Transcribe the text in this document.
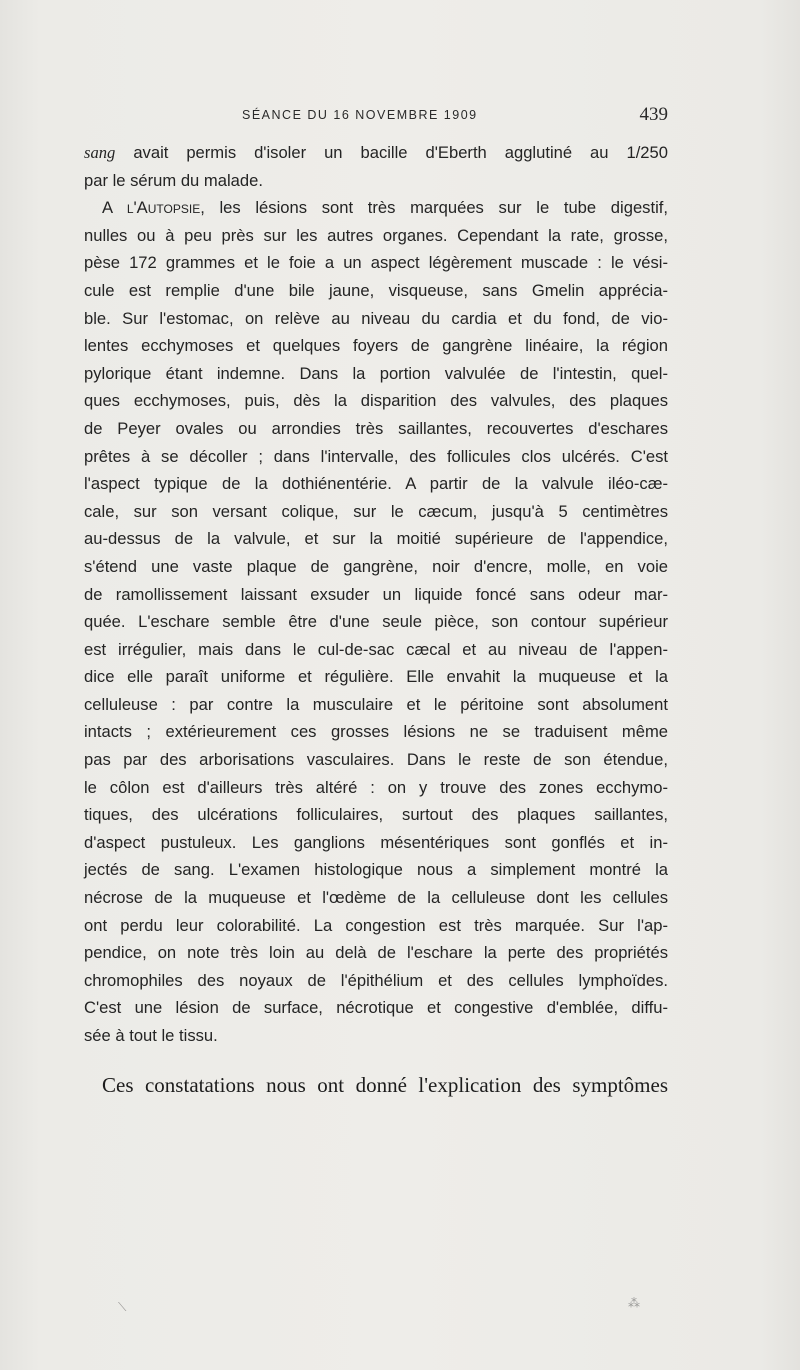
SÉANCE DU 16 NOVEMBRE 1909	439
sang avait permis d'isoler un bacille d'Eberth agglutiné au 1/250
par le sérum du malade.
A l'Autopsie, les lésions sont très marquées sur le tube digestif,
nulles ou à peu près sur les autres organes. Cependant la rate, grosse,
pèse 172 grammes et le foie a un aspect légèrement muscade : le vési-
cule est remplie d'une bile jaune, visqueuse, sans Gmelin apprécia-
ble. Sur l'estomac, on relève au niveau du cardia et du fond, de vio-
lentes ecchymoses et quelques foyers de gangrène linéaire, la région
pylorique étant indemne. Dans la portion valvulée de l'intestin, quel-
ques ecchymoses, puis, dès la disparition des valvules, des plaques
de Peyer ovales ou arrondies très saillantes, recouvertes d'eschares
prêtes à se décoller ; dans l'intervalle, des follicules clos ulcérés. C'est
l'aspect typique de la dothiénentérie. A partir de la valvule iléo-cæ-
cale, sur son versant colique, sur le cæcum, jusqu'à 5 centimètres
au-dessus de la valvule, et sur la moitié supérieure de l'appendice,
s'étend une vaste plaque de gangrène, noir d'encre, molle, en voie
de ramollissement laissant exsuder un liquide foncé sans odeur mar-
quée. L'eschare semble être d'une seule pièce, son contour supérieur
est irrégulier, mais dans le cul-de-sac cæcal et au niveau de l'appen-
dice elle paraît uniforme et régulière. Elle envahit la muqueuse et la
celluleuse : par contre la musculaire et le péritoine sont absolument
intacts ; extérieurement ces grosses lésions ne se traduisent même
pas par des arborisations vasculaires. Dans le reste de son étendue,
le côlon est d'ailleurs très altéré : on y trouve des zones ecchymo-
tiques, des ulcérations folliculaires, surtout des plaques saillantes,
d'aspect pustuleux. Les ganglions mésentériques sont gonflés et in-
jectés de sang. L'examen histologique nous a simplement montré la
nécrose de la muqueuse et l'œdème de la celluleuse dont les cellules
ont perdu leur colorabilité. La congestion est très marquée. Sur l'ap-
pendice, on note très loin au delà de l'eschare la perte des propriétés
chromophiles des noyaux de l'épithélium et des cellules lymphoïdes.
C'est une lésion de surface, nécrotique et congestive d'emblée, diffu-
sée à tout le tissu.
Ces constatations nous ont donné l'explication des symptômes
⟍	⁂
